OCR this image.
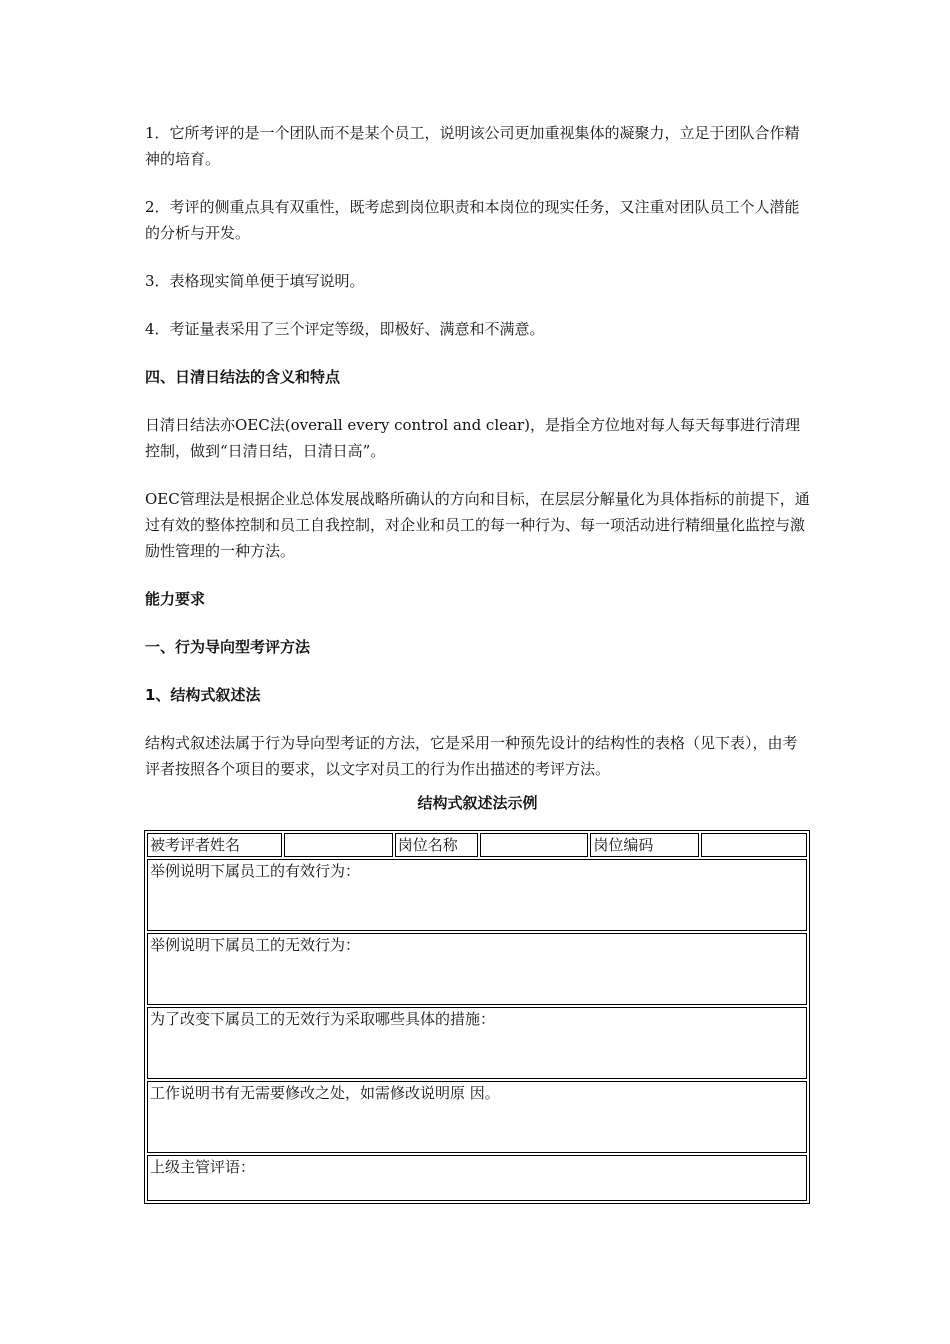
1．它所考评的是一个团队而不是某个员工，说明该公司更加重视集体的凝聚力，立足于团队合作精神的培育。

2．考评的侧重点具有双重性，既考虑到岗位职责和本岗位的现实任务，又注重对团队员工个人潜能的分析与开发。

3．表格现实简单便于填写说明。

4．考证量表采用了三个评定等级，即极好、满意和不满意。

四、日清日结法的含义和特点

日清日结法亦OEC法(overall every control and clear)，是指全方位地对每人每天每事进行清理控制，做到“日清日结，日清日高”。

OEC管理法是根据企业总体发展战略所确认的方向和目标，在层层分解量化为具体指标的前提下，通过有效的整体控制和员工自我控制，对企业和员工的每一种行为、每一项活动进行精细量化监控与激励性管理的一种方法。

能力要求

一、行为导向型考评方法

1、结构式叙述法

结构式叙述法属于行为导向型考证的方法，它是采用一种预先设计的结构性的表格（见下表），由考评者按照各个项目的要求，以文字对员工的行为作出描述的考评方法。

结构式叙述法示例

被考评者姓名		岗位名称		岗位编码	
举例说明下属员工的有效行为：
举例说明下属员工的无效行为：
为了改变下属员工的无效行为采取哪些具体的措施：
工作说明书有无需要修改之处，如需修改说明原 因。
上级主管评语：
